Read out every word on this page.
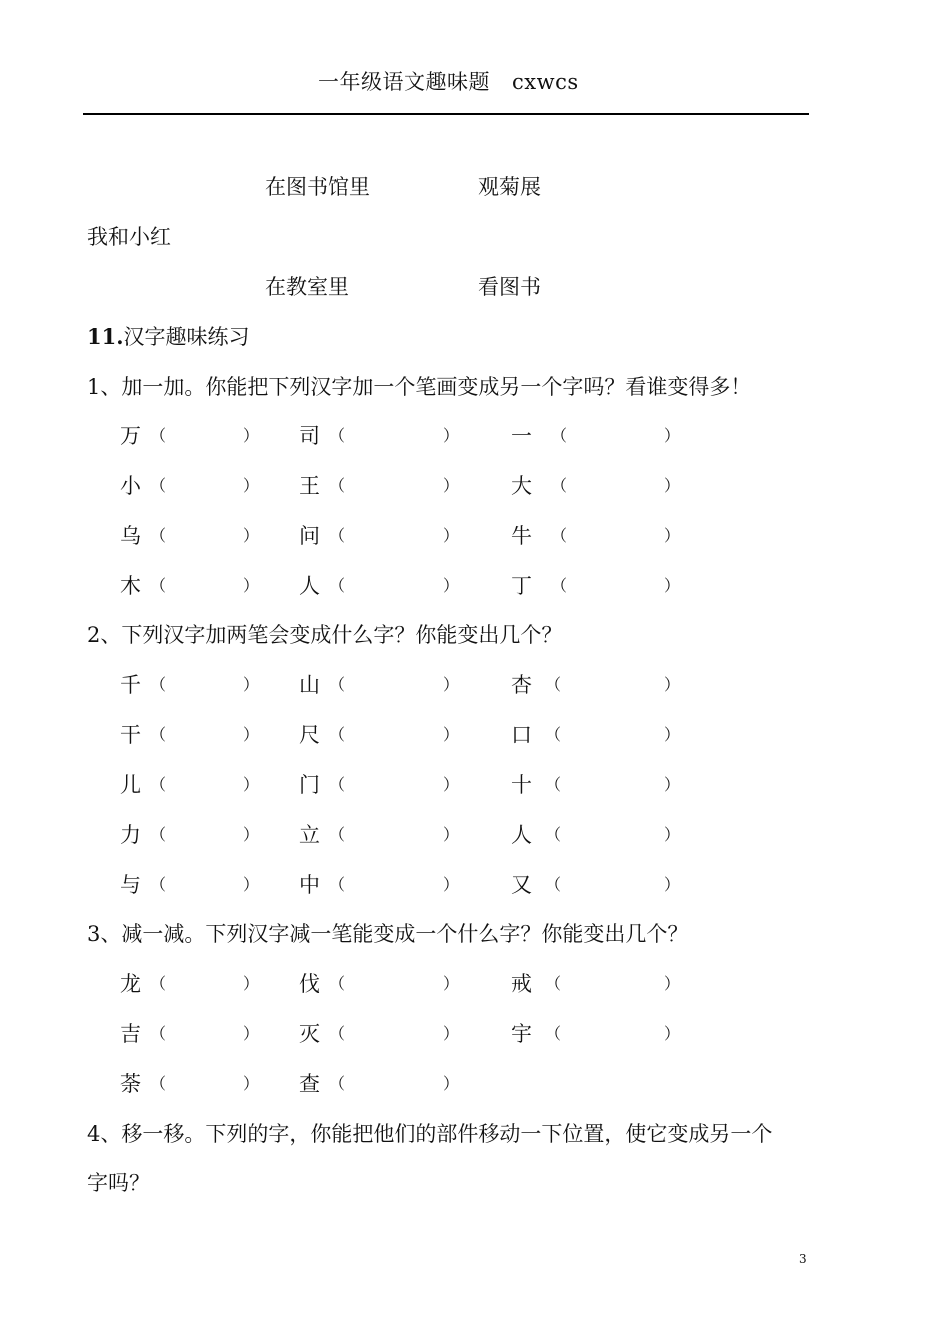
一年级语文趣味题 cxwcs
在图书馆里	观菊展
我和小红
在教室里	看图书
11.汉字趣味练习
1、加一加。你能把下列汉字加一个笔画变成另一个字吗？看谁变得多！
万 （	） 司 （	） 一 （	）
小 （	） 王 （	） 大 （	）
乌 （	） 问 （	） 牛 （	）
木 （	） 人 （	） 丁 （	）
2、下列汉字加两笔会变成什么字？你能变出几个？
千 （	） 山 （	） 杏 （	）
干 （	） 尺 （	） 口 （	）
儿 （	） 门 （	） 十 （	）
力 （	） 立 （	） 人 （	）
与 （	） 中 （	） 又 （	）
3、减一减。下列汉字减一笔能变成一个什么字？你能变出几个？
龙 （	） 伐 （	） 戒 （	）
吉 （	） 灭 （	） 宇 （	）
荼 （	） 查 （	）
4、移一移。下列的字，你能把他们的部件移动一下位置，使它变成另一个
字吗？
3
